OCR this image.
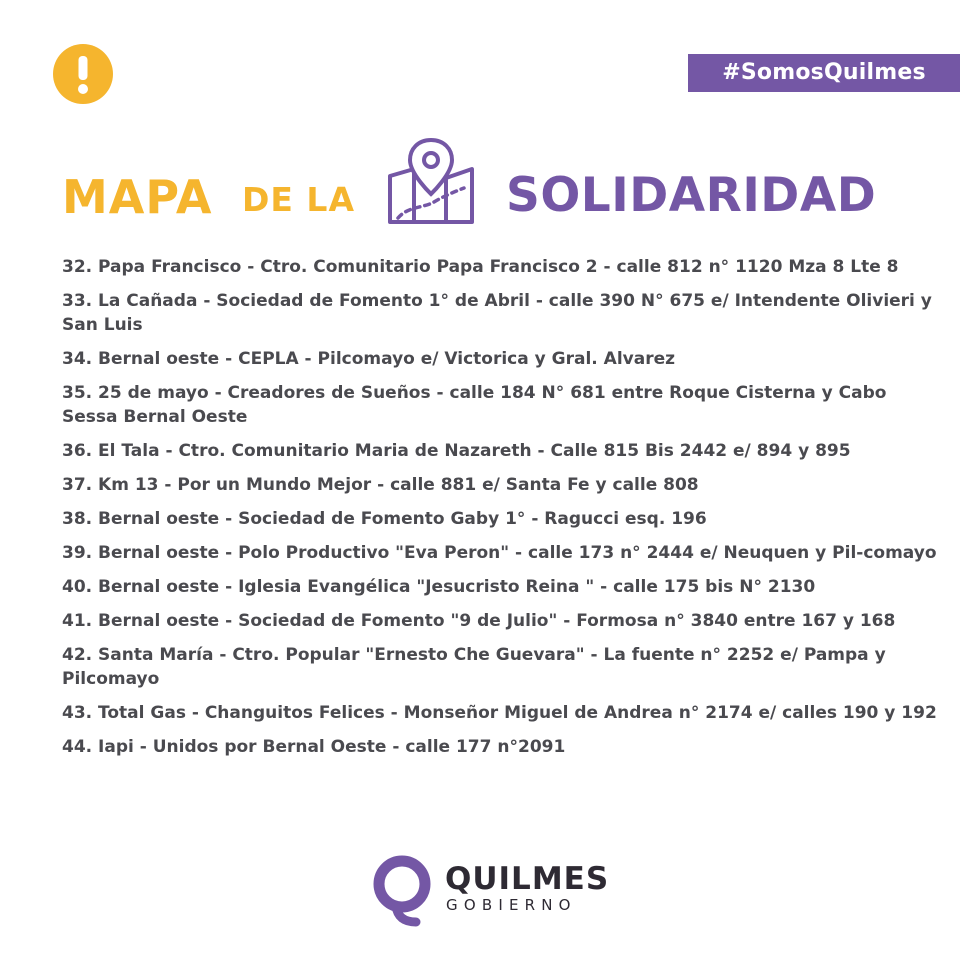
#SomosQuilmes
MAPA DE LA	SOLIDARIDAD
32. Papa Francisco - Ctro. Comunitario Papa Francisco 2 - calle 812 n° 1120 Mza 8 Lte 8
33. La Cañada - Sociedad de Fomento 1° de Abril - calle 390 N° 675 e/ Intendente Olivieri y San Luis
34. Bernal oeste - CEPLA - Pilcomayo e/ Victorica y Gral. Alvarez
35. 25 de mayo - Creadores de Sueños - calle 184 N° 681 entre Roque Cisterna y Cabo Sessa Bernal Oeste
36. El Tala - Ctro. Comunitario Maria de Nazareth - Calle 815 Bis 2442 e/ 894 y 895
37. Km 13 - Por un Mundo Mejor - calle 881 e/ Santa Fe y calle 808
38. Bernal oeste - Sociedad de Fomento Gaby 1° - Ragucci esq. 196
39. Bernal oeste - Polo Productivo "Eva Peron" - calle 173 n° 2444 e/ Neuquen y Pil-comayo
40. Bernal oeste - Iglesia Evangélica "Jesucristo Reina " - calle 175 bis N° 2130
41. Bernal oeste - Sociedad de Fomento "9 de Julio" - Formosa n° 3840 entre 167 y 168
42. Santa María - Ctro. Popular "Ernesto Che Guevara" - La fuente n° 2252 e/ Pampa y Pilcomayo
43. Total Gas - Changuitos Felices - Monseñor Miguel de Andrea n° 2174 e/ calles 190 y 192
44. Iapi - Unidos por Bernal Oeste - calle 177 n°2091
QUILMES
GOBIERNO
